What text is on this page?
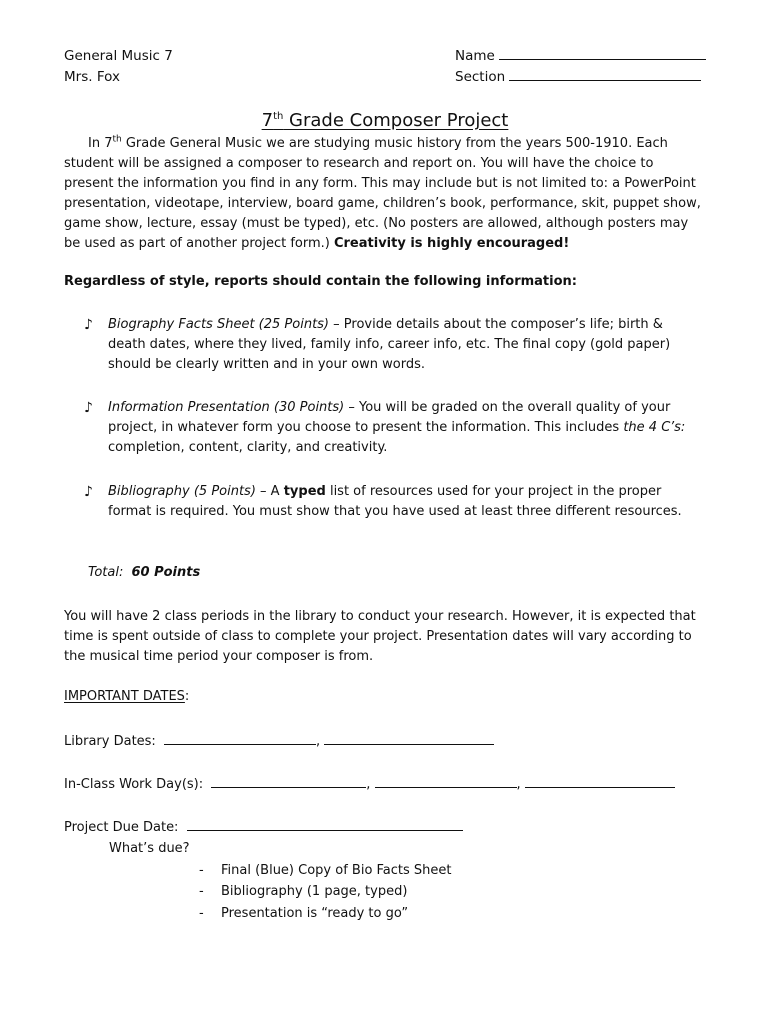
General Music 7
Mrs. Fox
Name
Section
7th Grade Composer Project
In 7th Grade General Music we are studying music history from the years 500-1910. Each student will be assigned a composer to research and report on. You will have the choice to present the information you find in any form. This may include but is not limited to: a PowerPoint presentation, videotape, interview, board game, children’s book, performance, skit, puppet show, game show, lecture, essay (must be typed), etc. (No posters are allowed, although posters may be used as part of another project form.) Creativity is highly encouraged!
Regardless of style, reports should contain the following information:
♪ Biography Facts Sheet (25 Points) – Provide details about the composer’s life; birth & death dates, where they lived, family info, career info, etc. The final copy (gold paper) should be clearly written and in your own words.
♪ Information Presentation (30 Points) – You will be graded on the overall quality of your project, in whatever form you choose to present the information. This includes the 4 C’s: completion, content, clarity, and creativity.
♪ Bibliography (5 Points) – A typed list of resources used for your project in the proper format is required. You must show that you have used at least three different resources.
Total: 60 Points
You will have 2 class periods in the library to conduct your research. However, it is expected that time is spent outside of class to complete your project. Presentation dates will vary according to the musical time period your composer is from.
IMPORTANT DATES:
Library Dates:	,
In-Class Work Day(s):	,	,
Project Due Date:
What’s due?
- Final (Blue) Copy of Bio Facts Sheet
- Bibliography (1 page, typed)
- Presentation is “ready to go”
